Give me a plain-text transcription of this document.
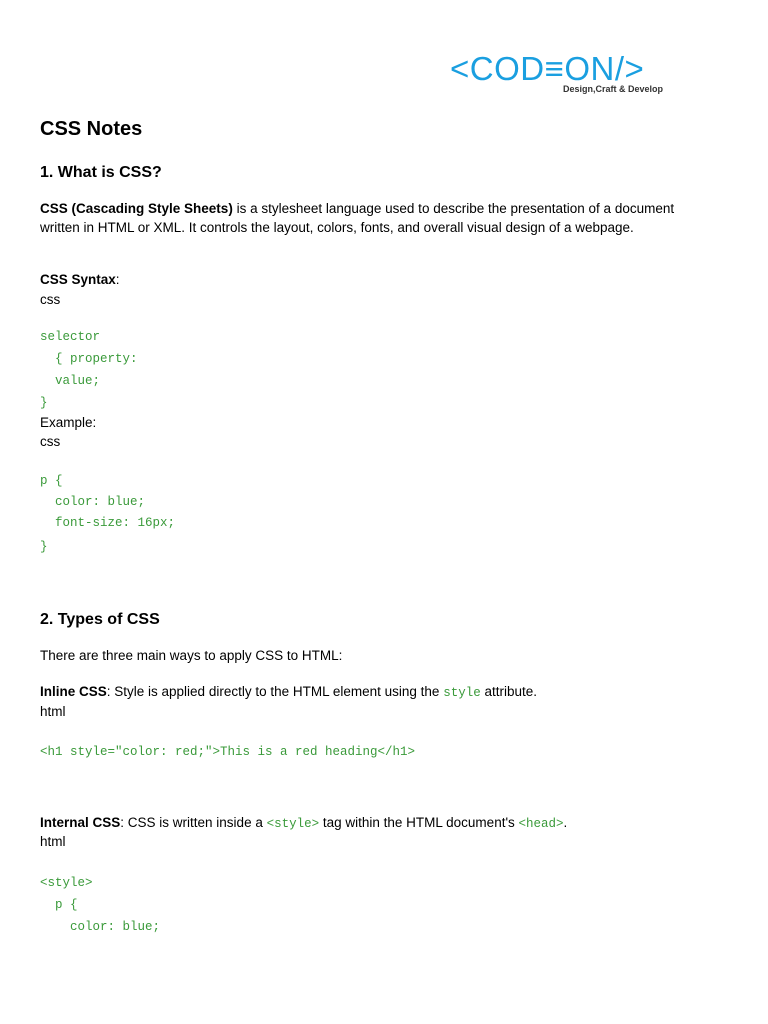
<COD≡ON/>
Design,Craft & Develop
CSS Notes
1. What is CSS?
CSS (Cascading Style Sheets) is a stylesheet language used to describe the presentation of a document written in HTML or XML. It controls the layout, colors, fonts, and overall visual design of a webpage.
CSS Syntax:
css
selector
{ property:
value;
}
Example:
css
p {
color: blue;
font-size: 16px;
}
2. Types of CSS
There are three main ways to apply CSS to HTML:
Inline CSS: Style is applied directly to the HTML element using the style attribute.
html
<h1 style="color: red;">This is a red heading</h1>
Internal CSS: CSS is written inside a <style> tag within the HTML document's <head>.
html
<style>
p {
color: blue;
